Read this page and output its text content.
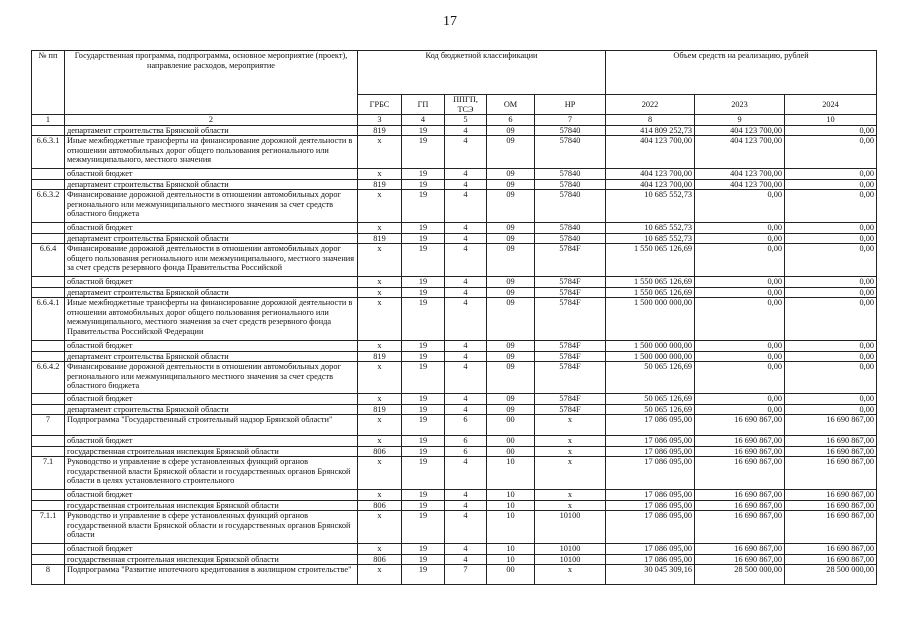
17
№ пп	Государственная программа, подпрограмма, основное мероприятие (проект), направление расходов, мероприятие	Код бюджетной классификации					Объем средств на реализацию, рублей		
		ГРБС	ГП	ППГП, ТСЭ	ОМ	НР	2022	2023	2024
1	2	3	4	5	6	7	8	9	10
	департамент строительства Брянской области	819	19	4	09	57840	414 809 252,73	404 123 700,00	0,00
6.6.3.1	Иные межбюджетные трансферты на финансирование дорожной деятельности в отношении автомобильных дорог общего пользования регионального или межмуниципального, местного значения	x	19	4	09	57840	404 123 700,00	404 123 700,00	0,00
	областной бюджет	x	19	4	09	57840	404 123 700,00	404 123 700,00	0,00
	департамент строительства Брянской области	819	19	4	09	57840	404 123 700,00	404 123 700,00	0,00
6.6.3.2	Финансирование дорожной деятельности в отношении автомобильных дорог регионального или межмуниципального местного значения за счет средств областного бюджета	x	19	4	09	57840	10 685 552,73	0,00	0,00
	областной бюджет	x	19	4	09	57840	10 685 552,73	0,00	0,00
	департамент строительства Брянской области	819	19	4	09	57840	10 685 552,73	0,00	0,00
6.6.4	Финансирование дорожной деятельности в отношении автомобильных дорог общего пользования регионального или межмуниципального, местного значения за счет средств резервного фонда Правительства Российской	x	19	4	09	5784F	1 550 065 126,69	0,00	0,00
	областной бюджет	x	19	4	09	5784F	1 550 065 126,69	0,00	0,00
	департамент строительства Брянской области	x	19	4	09	5784F	1 550 065 126,69	0,00	0,00
6.6.4.1	Иные межбюджетные трансферты на финансирование дорожной деятельности в отношении автомобильных дорог общего пользования регионального или межмуниципального, местного значения за счет средств резервного фонда Правительства Российской Федерации	x	19	4	09	5784F	1 500 000 000,00	0,00	0,00
	областной бюджет	x	19	4	09	5784F	1 500 000 000,00	0,00	0,00
	департамент строительства Брянской области	819	19	4	09	5784F	1 500 000 000,00	0,00	0,00
6.6.4.2	Финансирование дорожной деятельности в отношении автомобильных дорог регионального или межмуниципального местного значения за счет средств областного бюджета	x	19	4	09	5784F	50 065 126,69	0,00	0,00
	областной бюджет	x	19	4	09	5784F	50 065 126,69	0,00	0,00
	департамент строительства Брянской области	819	19	4	09	5784F	50 065 126,69	0,00	0,00
7	Подпрограмма "Государственный строительный надзор Брянской области"	x	19	6	00	x	17 086 095,00	16 690 867,00	16 690 867,00
	областной бюджет	x	19	6	00	x	17 086 095,00	16 690 867,00	16 690 867,00
	государственная строительная инспекция Брянской области	806	19	6	00	x	17 086 095,00	16 690 867,00	16 690 867,00
7.1	Руководство и управление в сфере установленных функций органов государственной власти Брянской области и государственных органов Брянской области в целях установленного строительного	x	19	4	10	x	17 086 095,00	16 690 867,00	16 690 867,00
	областной бюджет	x	19	4	10	x	17 086 095,00	16 690 867,00	16 690 867,00
	государственная строительная инспекция Брянской области	806	19	4	10	x	17 086 095,00	16 690 867,00	16 690 867,00
7.1.1	Руководство и управление в сфере установленных функций органов государственной власти Брянской области и государственных органов Брянской области	x	19	4	10	10100	17 086 095,00	16 690 867,00	16 690 867,00
	областной бюджет	x	19	4	10	10100	17 086 095,00	16 690 867,00	16 690 867,00
	государственная строительная инспекция Брянской области	806	19	4	10	10100	17 086 095,00	16 690 867,00	16 690 867,00
8	Подпрограмма "Развитие ипотечного кредитования в жилищном строительстве"	x	19	7	00	x	30 045 309,16	28 500 000,00	28 500 000,00
